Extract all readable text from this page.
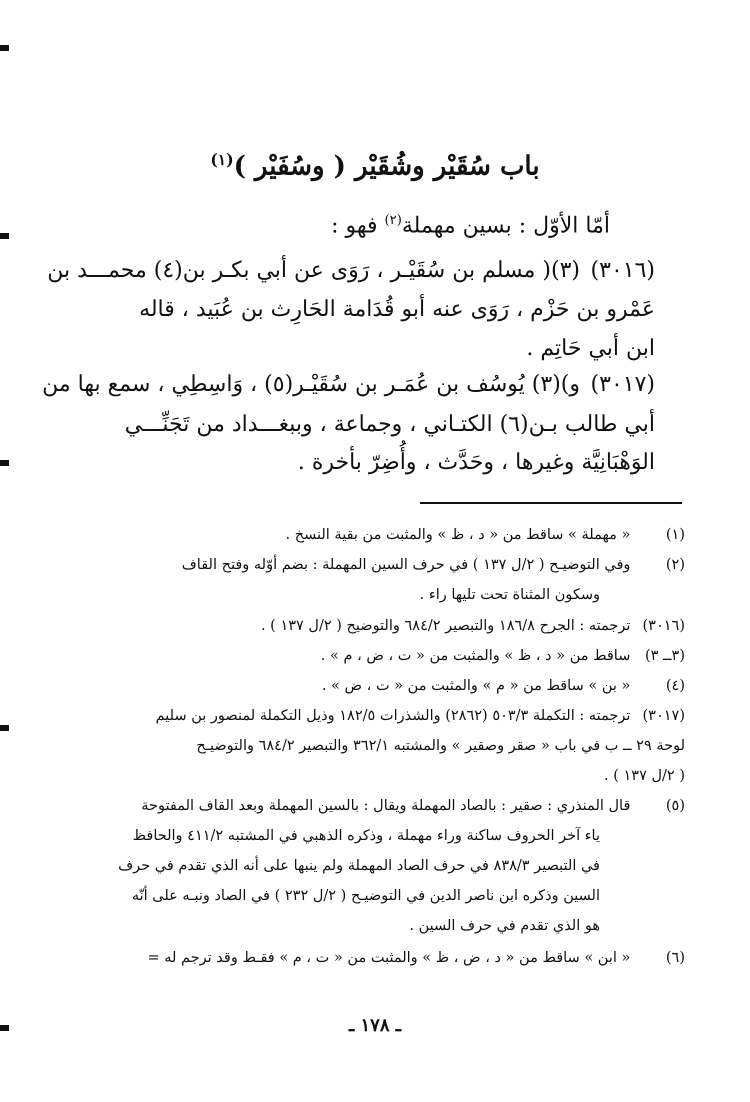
باب سُقَيْر وشُقَيْر ( وسُفَيْر )$^{(١)}$
أمّا الأوّل : بسين مهملة$^{(٢)}$ فهو :
(٣٠١٦)
(٣)( مسلم بن سُقَيْـر ، رَوَى عن أبي بكـر بن(٤) محمـــد بن
عَمْرو بن حَزْم ، رَوَى عنه أبو قُدَامة الحَارِث بن عُبَيد ، قاله
ابن أبي حَاتِم .
(٣٠١٧)
و)(٣) يُوسُف بن عُمَـر بن سُقَيْـر(٥) ، وَاسِطِي ، سمع بها من
أبي طالب بـن(٦) الكتـاني ، وجماعة ، وببغـــداد من تَجَنِّـــي
الوَهْبَانِيَّة وغيرها ، وحَدَّث ، وأُضِرّ بأخرة .
(١) « مهملة » ساقط من « د ، ظ » والمثبت من بقية النسخ .
(٢) وفي التوضيـح ( ٢/ل ١٣٧ ) في حرف السين المهملة : بضم أوّله وفتح القاف
وسكون المثناة تحت تليها راء .
(٣٠١٦) ترجمته : الجرح ١٨٦/٨ والتبصير ٦٨٤/٢ والتوضيح ( ٢/ل ١٣٧ ) .
(٣ــ ٣) ساقط من « د ، ظ » والمثبت من « ت ، ض ، م » .
(٤) « بن » ساقط من « م » والمثبت من « ت ، ض » .
(٣٠١٧) ترجمته : التكملة ٥٠٣/٣ (٢٨٦٢) والشذرات ١٨٢/٥ وذيل التكملة لمنصور بن سليم
لوحة ٢٩ ــ ب في باب « صقر وصقير » والمشتبه ٣٦٢/١ والتبصير ٦٨٤/٢ والتوضيـح
( ٢/ل ١٣٧ ) .
(٥) قال المنذري : صقير : بالصاد المهملة ويقال : بالسين المهملة وبعد القاف المفتوحة
ياء آخر الحروف ساكنة وراء مهملة ، وذكره الذهبي في المشتبه ٤١١/٢ والحافظ
في التبصير ٨٣٨/٣ في حرف الصاد المهملة ولم ينبها على أنه الذي تقدم في حرف
السين وذكره ابن ناصر الدين في التوضيـح ( ٢/ل ٢٣٢ ) في الصاد ونبـه على أنّه
هو الذي تقدم في حرف السين .
(٦) « ابن » ساقط من « د ، ض ، ظ » والمثبت من « ت ، م » فقـط وقد ترجم له =
ـ ١٧٨ ـ
